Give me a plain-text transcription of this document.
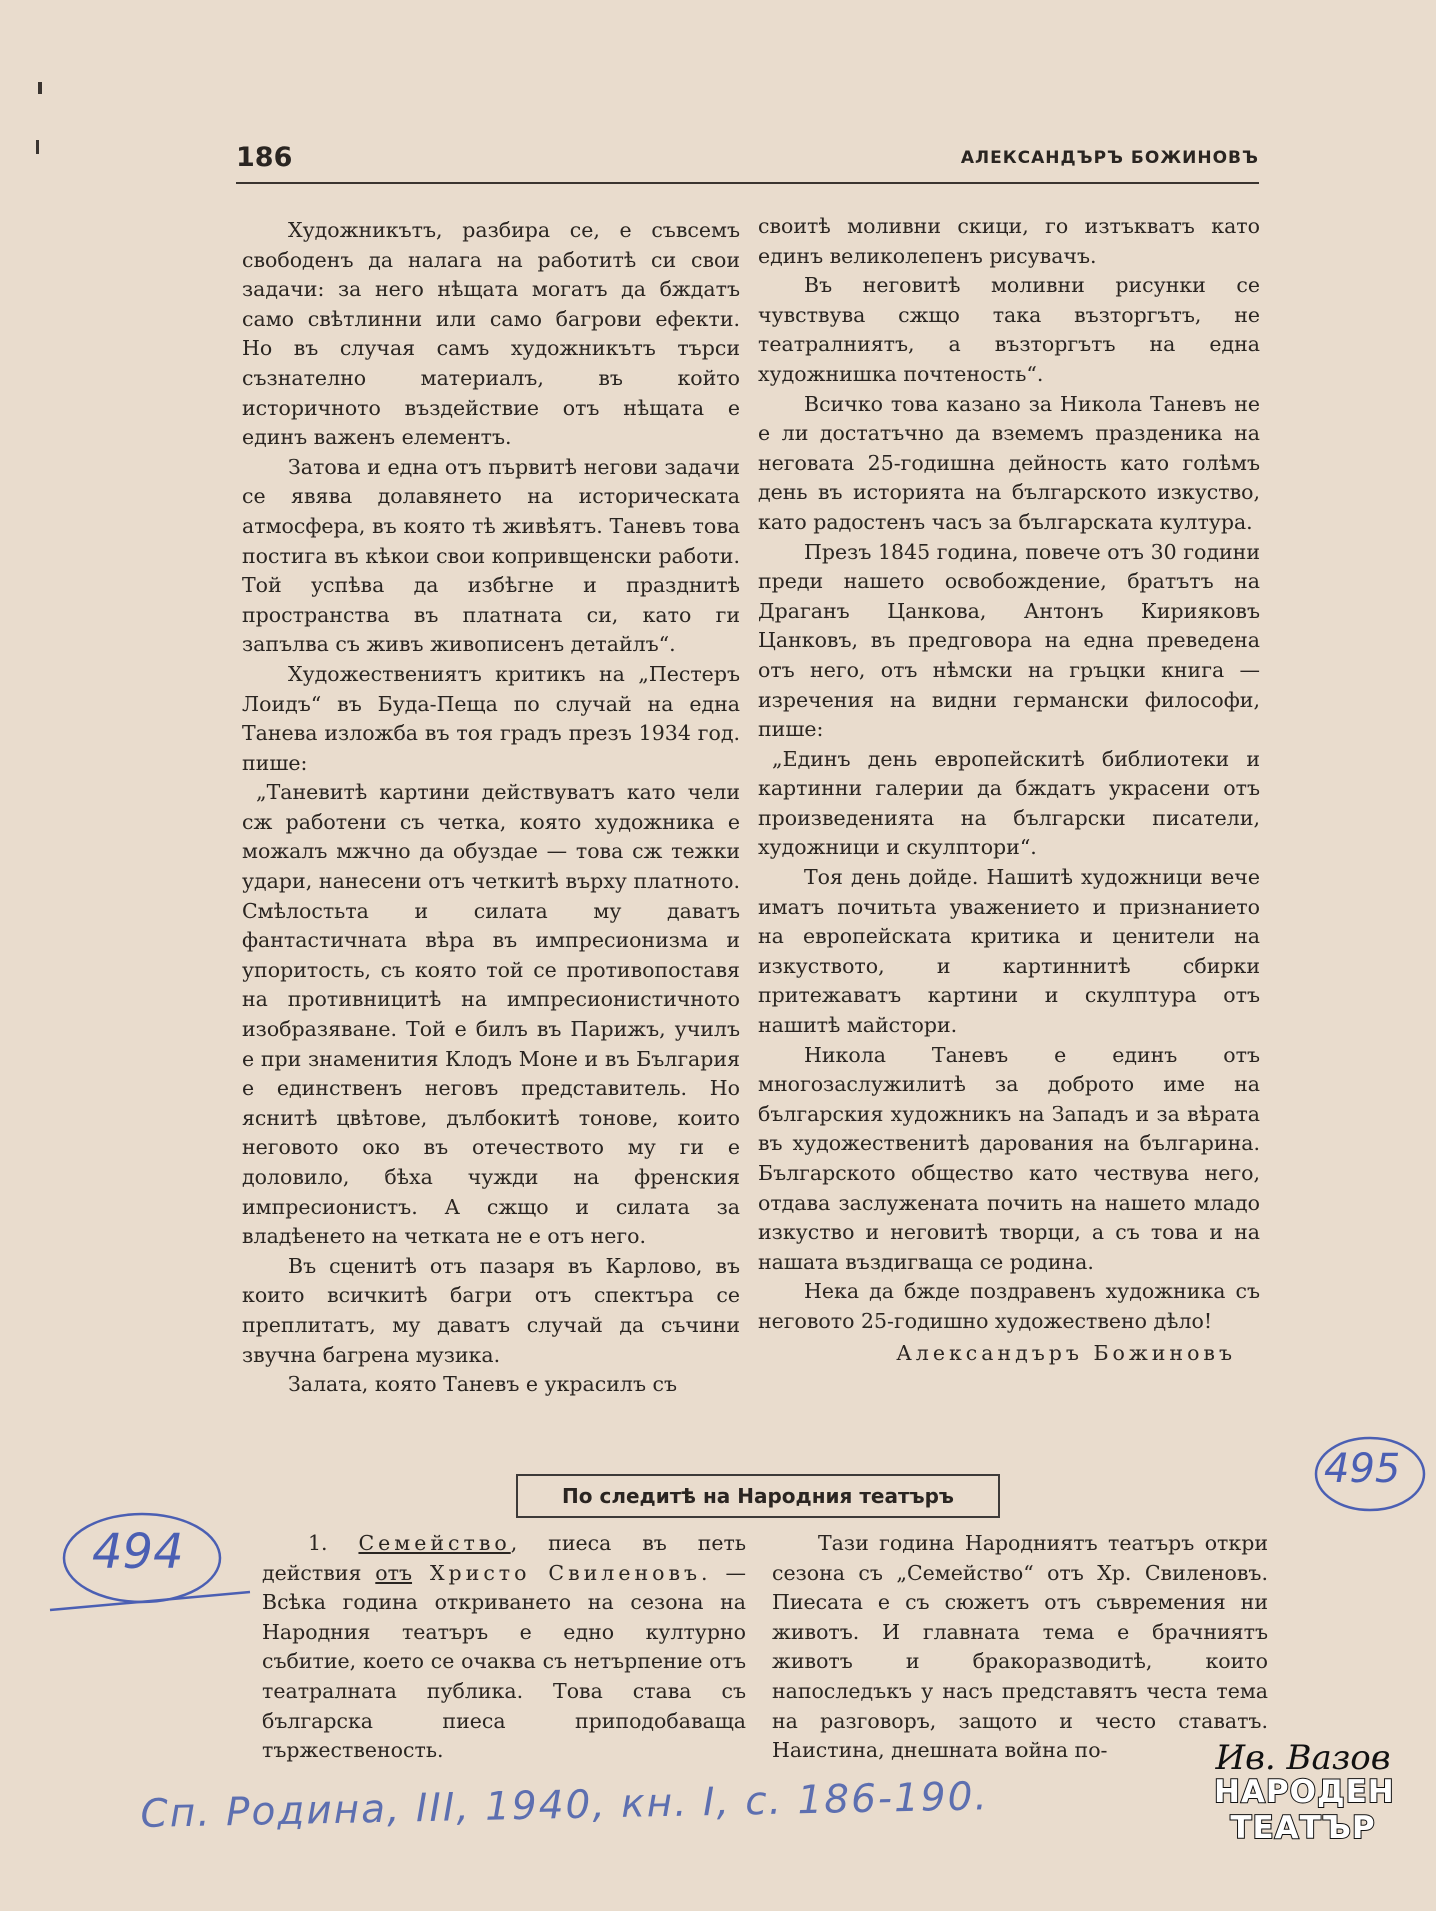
186	АЛЕКСАНДЪРЪ БОЖИНОВЪ

Художникътъ, разбира се, е съвсемъ свободенъ да налага на работитѣ си свои задачи: за него нѣщата могатъ да бждатъ само свѣтлинни или само багрови ефекти. Но въ случая самъ художникътъ търси съзнателно материалъ, въ който историчното въздействие отъ нѣщата е единъ важенъ елементъ.

Затова и една отъ първитѣ негови задачи се явява долавянето на историческата атмосфера, въ която тѣ живѣятъ. Таневъ това постига въ кѣкои свои копривщенски работи. Той успѣва да избѣгне и празднитѣ пространства въ платната си, като ги запълва съ живъ живописенъ детайлъ“.

Художествениятъ критикъ на „Пестеръ Лоидъ“ въ Буда-Пеща по случай на една Танева изложба въ тоя градъ презъ 1934 год. пише:

„Таневитѣ картини действуватъ като чели сж работени съ четка, която художника е можалъ мжчно да обуздае — това сж тежки удари, нанесени отъ четкитѣ върху платното. Смѣлостьта и силата му даватъ фантастичната вѣра въ импресионизма и упоритость, съ която той се противопоставя на противницитѣ на импресионистичното изобразяване. Той е билъ въ Парижъ, училъ е при знаменития Клодъ Моне и въ България е единственъ неговъ представитель. Но яснитѣ цвѣтове, дълбокитѣ тонове, които неговото око въ отечеството му ги е доловило, бѣха чужди на френския импресионистъ. А сжщо и силата за владѣенето на четката не е отъ него.

Въ сценитѣ отъ пазаря въ Карлово, въ които всичкитѣ багри отъ спектъра се преплитатъ, му даватъ случай да съчини звучна багрена музика.

Залата, която Таневъ е украсилъ съ

своитѣ моливни скици, го изтъкватъ като единъ великолепенъ рисувачъ.

Въ неговитѣ моливни рисунки се чувствува сжщо така възторгътъ, не театралниятъ, а възторгътъ на една художнишка почтеность“.

Всичко това казано за Никола Таневъ не е ли достатъчно да вземемъ празденика на неговата 25-годишна дейность като голѣмъ день въ историята на българското изкуство, като радостенъ часъ за българската култура.

Презъ 1845 година, повече отъ 30 години преди нашето освобождение, братътъ на Драганъ Цанкова, Антонъ Кирияковъ Цанковъ, въ предговора на една преведена отъ него, отъ нѣмски на гръцки книга — изречения на видни германски философи, пише:

„Единъ день европейскитѣ библиотеки и картинни галерии да бждатъ украсени отъ произведенията на български писатели, художници и скулптори“.

Тоя день дойде. Нашитѣ художници вече иматъ почитьта уважението и признанието на европейската критика и ценители на изкуството, и картиннитѣ сбирки притежаватъ картини и скулптура отъ нашитѣ майстори.

Никола Таневъ е единъ отъ многозаслужилитѣ за доброто име на българския художникъ на Западъ и за вѣрата въ художественитѣ дарования на българина. Българското общество като чествува него, отдава заслужената почить на нашето младо изкуство и неговитѣ творци, а съ това и на нашата въздигваща се родина.

Нека да бжде поздравенъ художника съ неговото 25-годишно художествено дѣло!

Александъръ Божиновъ

По следитѣ на Народния театъръ

1. Семейство, пиеса въ петь действия отъ Христо Свиленовъ. — Всѣка година откриването на сезона на Народния театъръ е едно културно събитие, което се очаква съ нетърпение отъ театралната публика. Това става съ българска пиеса приподобаваща тържественость.

Тази година Народниятъ театъръ откри сезона съ „Семейство“ отъ Хр. Свиленовъ. Пиесата е съ сюжетъ отъ съвремения ни животъ. И главната тема е брачниятъ животъ и бракоразводитѣ, които напоследъкъ у насъ представятъ честа тема на разговоръ, защото и често ставатъ. Наистина, днешната война по-

494
495
Сп. Родина, III, 1940, кн. I, с. 186-190.
Ив. Вазов
НАРОДЕН
ТЕАТЪР
